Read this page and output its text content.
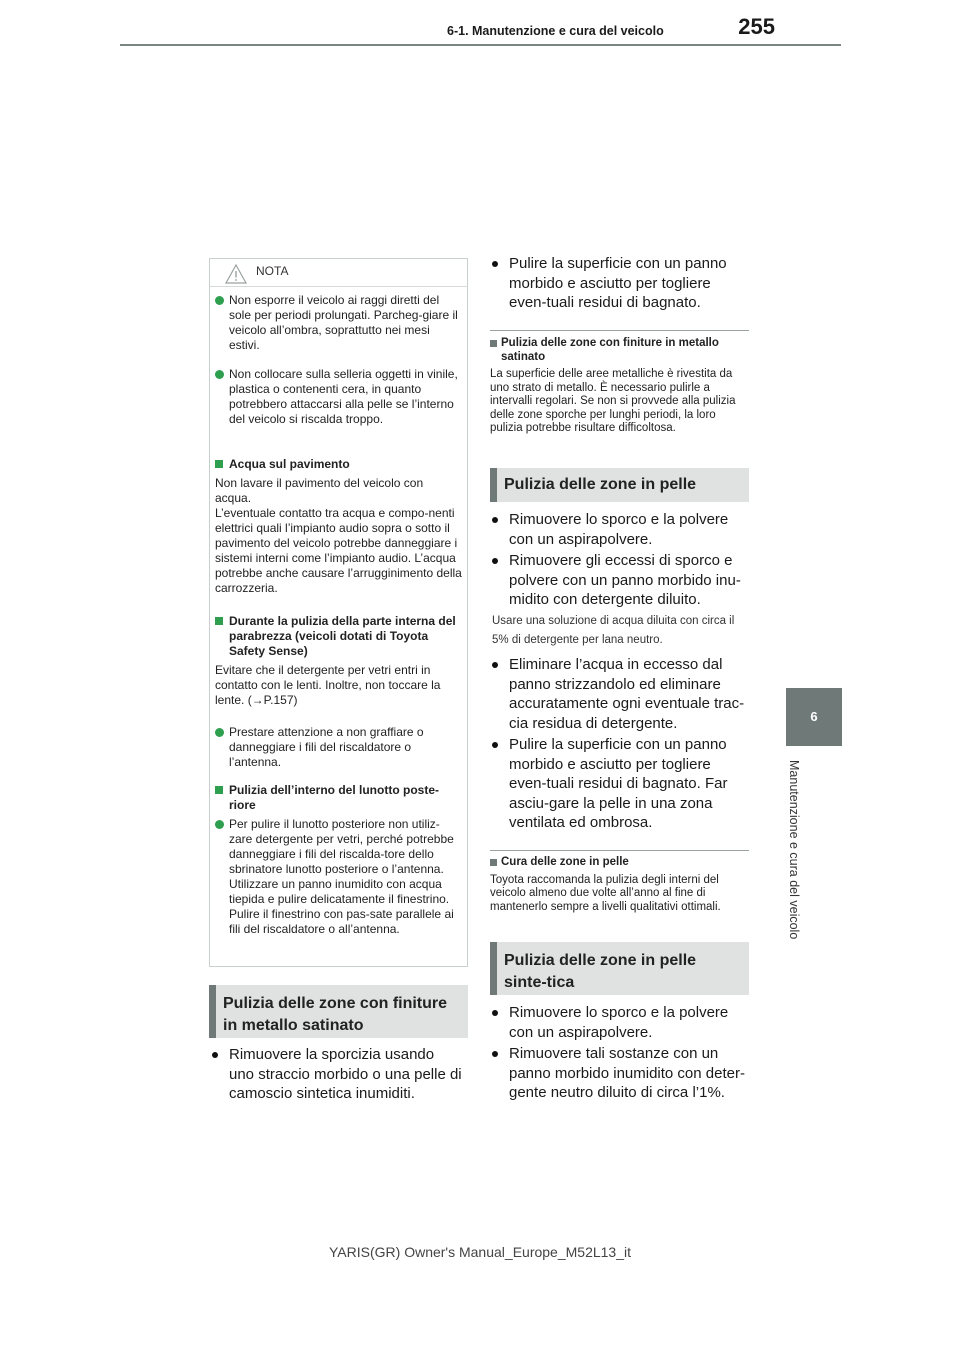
6-1. Manutenzione e cura del veicolo	255
6
Manutenzione e cura del veicolo
NOTA
Non esporre il veicolo ai raggi diretti del sole per periodi prolungati. Parcheg-giare il veicolo all’ombra, soprattutto nei mesi estivi.
Non collocare sulla selleria oggetti in vinile, plastica o contenenti cera, in quanto potrebbero attaccarsi alla pelle se l’interno del veicolo si riscalda troppo.
Acqua sul pavimento
Non lavare il pavimento del veicolo con acqua.
L’eventuale contatto tra acqua e compo-nenti elettrici quali l’impianto audio sopra o sotto il pavimento del veicolo potrebbe danneggiare i sistemi interni come l’impianto audio. L’acqua potrebbe anche causare l’arrugginimento della carrozzeria.
Durante la pulizia della parte interna del parabrezza (veicoli dotati di Toyota Safety Sense)
Evitare che il detergente per vetri entri in contatto con le lenti. Inoltre, non toccare la lente. (→P.157)
Prestare attenzione a non graffiare o danneggiare i fili del riscaldatore o l’antenna.
Pulizia dell’interno del lunotto poste-riore
Per pulire il lunotto posteriore non utiliz-zare detergente per vetri, perché potrebbe danneggiare i fili del riscalda-tore dello sbrinatore lunotto posteriore o l’antenna. Utilizzare un panno inumidito con acqua tiepida e pulire delicatamente il finestrino. Pulire il finestrino con pas-sate parallele ai fili del riscaldatore o all’antenna.
Pulizia delle zone con finiture in metallo satinato
Rimuovere la sporcizia usando uno straccio morbido o una pelle di camoscio sintetica inumiditi.
Pulire la superficie con un panno morbido e asciutto per togliere even-tuali residui di bagnato.
Pulizia delle zone con finiture in metallo satinato
La superficie delle aree metalliche è rivestita da uno strato di metallo. È necessario pulirle a intervalli regolari. Se non si provvede alla pulizia delle zone sporche per lunghi periodi, la loro pulizia potrebbe risultare difficoltosa.
Pulizia delle zone in pelle
Rimuovere lo sporco e la polvere con un aspirapolvere.
Rimuovere gli eccessi di sporco e polvere con un panno morbido inu-midito con detergente diluito.
Usare una soluzione di acqua diluita con circa il 5% di detergente per lana neutro.
Eliminare l’acqua in eccesso dal panno strizzandolo ed eliminare accuratamente ogni eventuale trac-cia residua di detergente.
Pulire la superficie con un panno morbido e asciutto per togliere even-tuali residui di bagnato. Far asciu-gare la pelle in una zona ventilata ed ombrosa.
Cura delle zone in pelle
Toyota raccomanda la pulizia degli interni del veicolo almeno due volte all’anno al fine di mantenerlo sempre a livelli qualitativi ottimali.
Pulizia delle zone in pelle sinte-tica
Rimuovere lo sporco e la polvere con un aspirapolvere.
Rimuovere tali sostanze con un panno morbido inumidito con deter-gente neutro diluito di circa l’1%.
YARIS(GR) Owner's Manual_Europe_M52L13_it
